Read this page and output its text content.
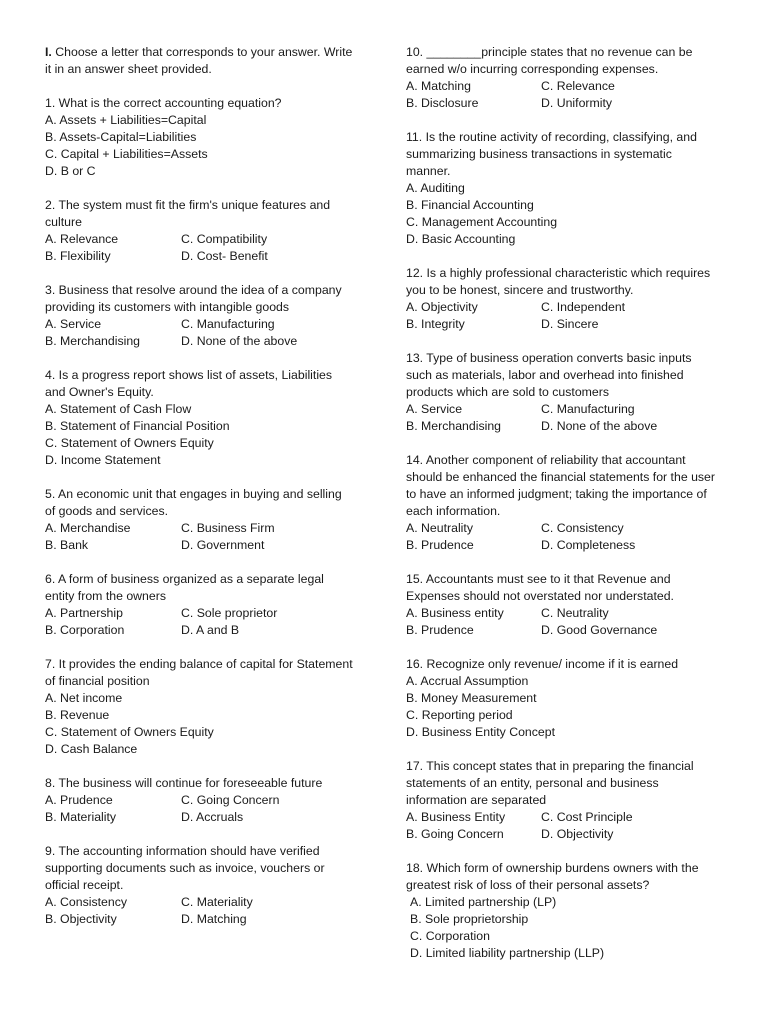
I. Choose a letter that corresponds to your answer. Write
it in an answer sheet provided.
1. What is the correct accounting equation?
A. Assets + Liabilities=Capital
B. Assets-Capital=Liabilities
C. Capital + Liabilities=Assets
D. B or C
2. The system must fit the firm's unique features and
culture
A. Relevance	C. Compatibility
B. Flexibility	D. Cost- Benefit
3. Business that resolve around the idea of a company
providing its customers with intangible goods
A. Service	C. Manufacturing
B. Merchandising	D. None of the above
4. Is a progress report shows list of assets, Liabilities
and Owner's Equity.
A. Statement of Cash Flow
B. Statement of Financial Position
C. Statement of Owners Equity
D. Income Statement
5. An economic unit that engages in buying and selling
of goods and services.
A. Merchandise	C. Business Firm
B. Bank	D. Government
6. A form of business organized as a separate legal
entity from the owners
A. Partnership	C. Sole proprietor
B. Corporation	D. A and B
7. It provides the ending balance of capital for Statement
of financial position
A. Net income
B. Revenue
C. Statement of Owners Equity
D. Cash Balance
8. The business will continue for foreseeable future
A. Prudence	C. Going Concern
B. Materiality	D. Accruals
9. The accounting information should have verified
supporting documents such as invoice, vouchers or
official receipt.
A. Consistency	C. Materiality
B. Objectivity	D. Matching
10. ________principle states that no revenue can be
earned w/o incurring corresponding expenses.
A. Matching	C. Relevance
B. Disclosure	D. Uniformity
11. Is the routine activity of recording, classifying, and
summarizing business transactions in systematic
manner.
A. Auditing
B. Financial Accounting
C. Management Accounting
D. Basic Accounting
12. Is a highly professional characteristic which requires
you to be honest, sincere and trustworthy.
A. Objectivity	C. Independent
B. Integrity	D. Sincere
13. Type of business operation converts basic inputs
such as materials, labor and overhead into finished
products which are sold to customers
A. Service	C. Manufacturing
B. Merchandising	D. None of the above
14. Another component of reliability that accountant
should be enhanced the financial statements for the user
to have an informed judgment; taking the importance of
each information.
A. Neutrality	C. Consistency
B. Prudence	D. Completeness
15. Accountants must see to it that Revenue and
Expenses should not overstated nor understated.
A. Business entity	C. Neutrality
B. Prudence	D. Good Governance
16. Recognize only revenue/ income if it is earned
A. Accrual Assumption
B. Money Measurement
C. Reporting period
D. Business Entity Concept
17. This concept states that in preparing the financial
statements of an entity, personal and business
information are separated
A. Business Entity	C. Cost Principle
B. Going Concern	D. Objectivity
18. Which form of ownership burdens owners with the
greatest risk of loss of their personal assets?
A. Limited partnership (LP)
B. Sole proprietorship
C. Corporation
D. Limited liability partnership (LLP)
